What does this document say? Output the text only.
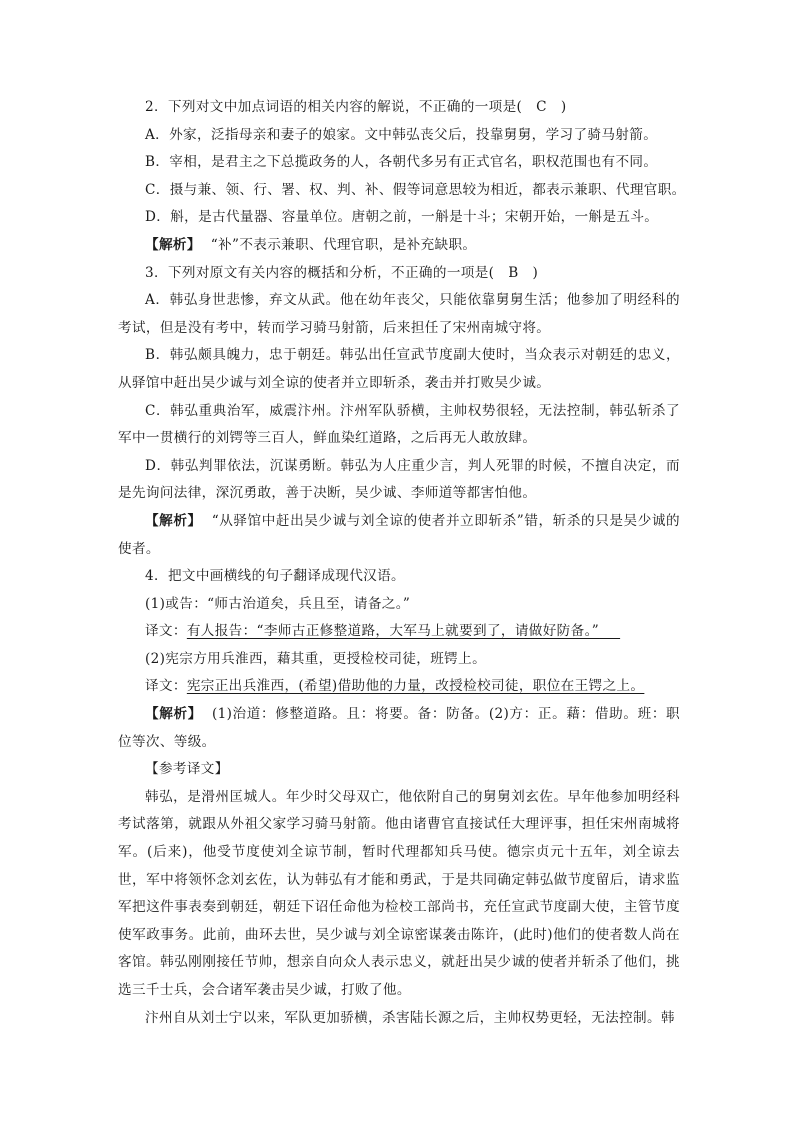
2．下列对文中加点词语的相关内容的解说，不正确的一项是(　C　)
A．外家，泛指母亲和妻子的娘家。文中韩弘丧父后，投靠舅舅，学习了骑马射箭。
B．宰相，是君主之下总揽政务的人，各朝代多另有正式官名，职权范围也有不同。
C．摄与兼、领、行、署、权、判、补、假等词意思较为相近，都表示兼职、代理官职。
D．斛，是古代量器、容量单位。唐朝之前，一斛是十斗；宋朝开始，一斛是五斗。
【解析】 “补”不表示兼职、代理官职，是补充缺职。
3．下列对原文有关内容的概括和分析，不正确的一项是(　B　)

A．韩弘身世悲惨，弃文从武。他在幼年丧父，只能依靠舅舅生活；他参加了明经科的考试，但是没有考中，转而学习骑马射箭，后来担任了宋州南城守将。

B．韩弘颇具魄力，忠于朝廷。韩弘出任宣武节度副大使时，当众表示对朝廷的忠义，从驿馆中赶出吴少诚与刘全谅的使者并立即斩杀，袭击并打败吴少诚。

C．韩弘重典治军，威震汴州。汴州军队骄横，主帅权势很轻，无法控制，韩弘斩杀了军中一贯横行的刘锷等三百人，鲜血染红道路，之后再无人敢放肆。

D．韩弘判罪依法，沉谋勇断。韩弘为人庄重少言，判人死罪的时候，不擅自决定，而是先询问法律，深沉勇敢，善于决断，吴少诚、李师道等都害怕他。

【解析】 “从驿馆中赶出吴少诚与刘全谅的使者并立即斩杀”错，斩杀的只是吴少诚的使者。

4．把文中画横线的句子翻译成现代汉语。
(1)或告：“师古治道矣，兵且至，请备之。”
译文：有人报告：“李师古正修整道路，大军马上就要到了，请做好防备。”　 
(2)宪宗方用兵淮西，藉其重，更授检校司徒，班锷上。
译文：宪宗正出兵淮西，(希望)借助他的力量，改授检校司徒，职位在王锷之上。

【解析】 (1)治道：修整道路。且：将要。备：防备。(2)方：正。藉：借助。班：职位等次、等级。

【参考译文】

韩弘，是滑州匡城人。年少时父母双亡，他依附自己的舅舅刘玄佐。早年他参加明经科考试落第，就跟从外祖父家学习骑马射箭。他由诸曹官直接试任大理评事，担任宋州南城将军。(后来)，他受节度使刘全谅节制，暂时代理都知兵马使。德宗贞元十五年，刘全谅去世，军中将领怀念刘玄佐，认为韩弘有才能和勇武，于是共同确定韩弘做节度留后，请求监军把这件事表奏到朝廷，朝廷下诏任命他为检校工部尚书，充任宣武节度副大使，主管节度使军政事务。此前，曲环去世，吴少诚与刘全谅密谋袭击陈许，(此时)他们的使者数人尚在客馆。韩弘刚刚接任节帅，想亲自向众人表示忠义，就赶出吴少诚的使者并斩杀了他们，挑选三千士兵，会合诸军袭击吴少诚，打败了他。

汴州自从刘士宁以来，军队更加骄横，杀害陆长源之后，主帅权势更轻，无法控制。韩
